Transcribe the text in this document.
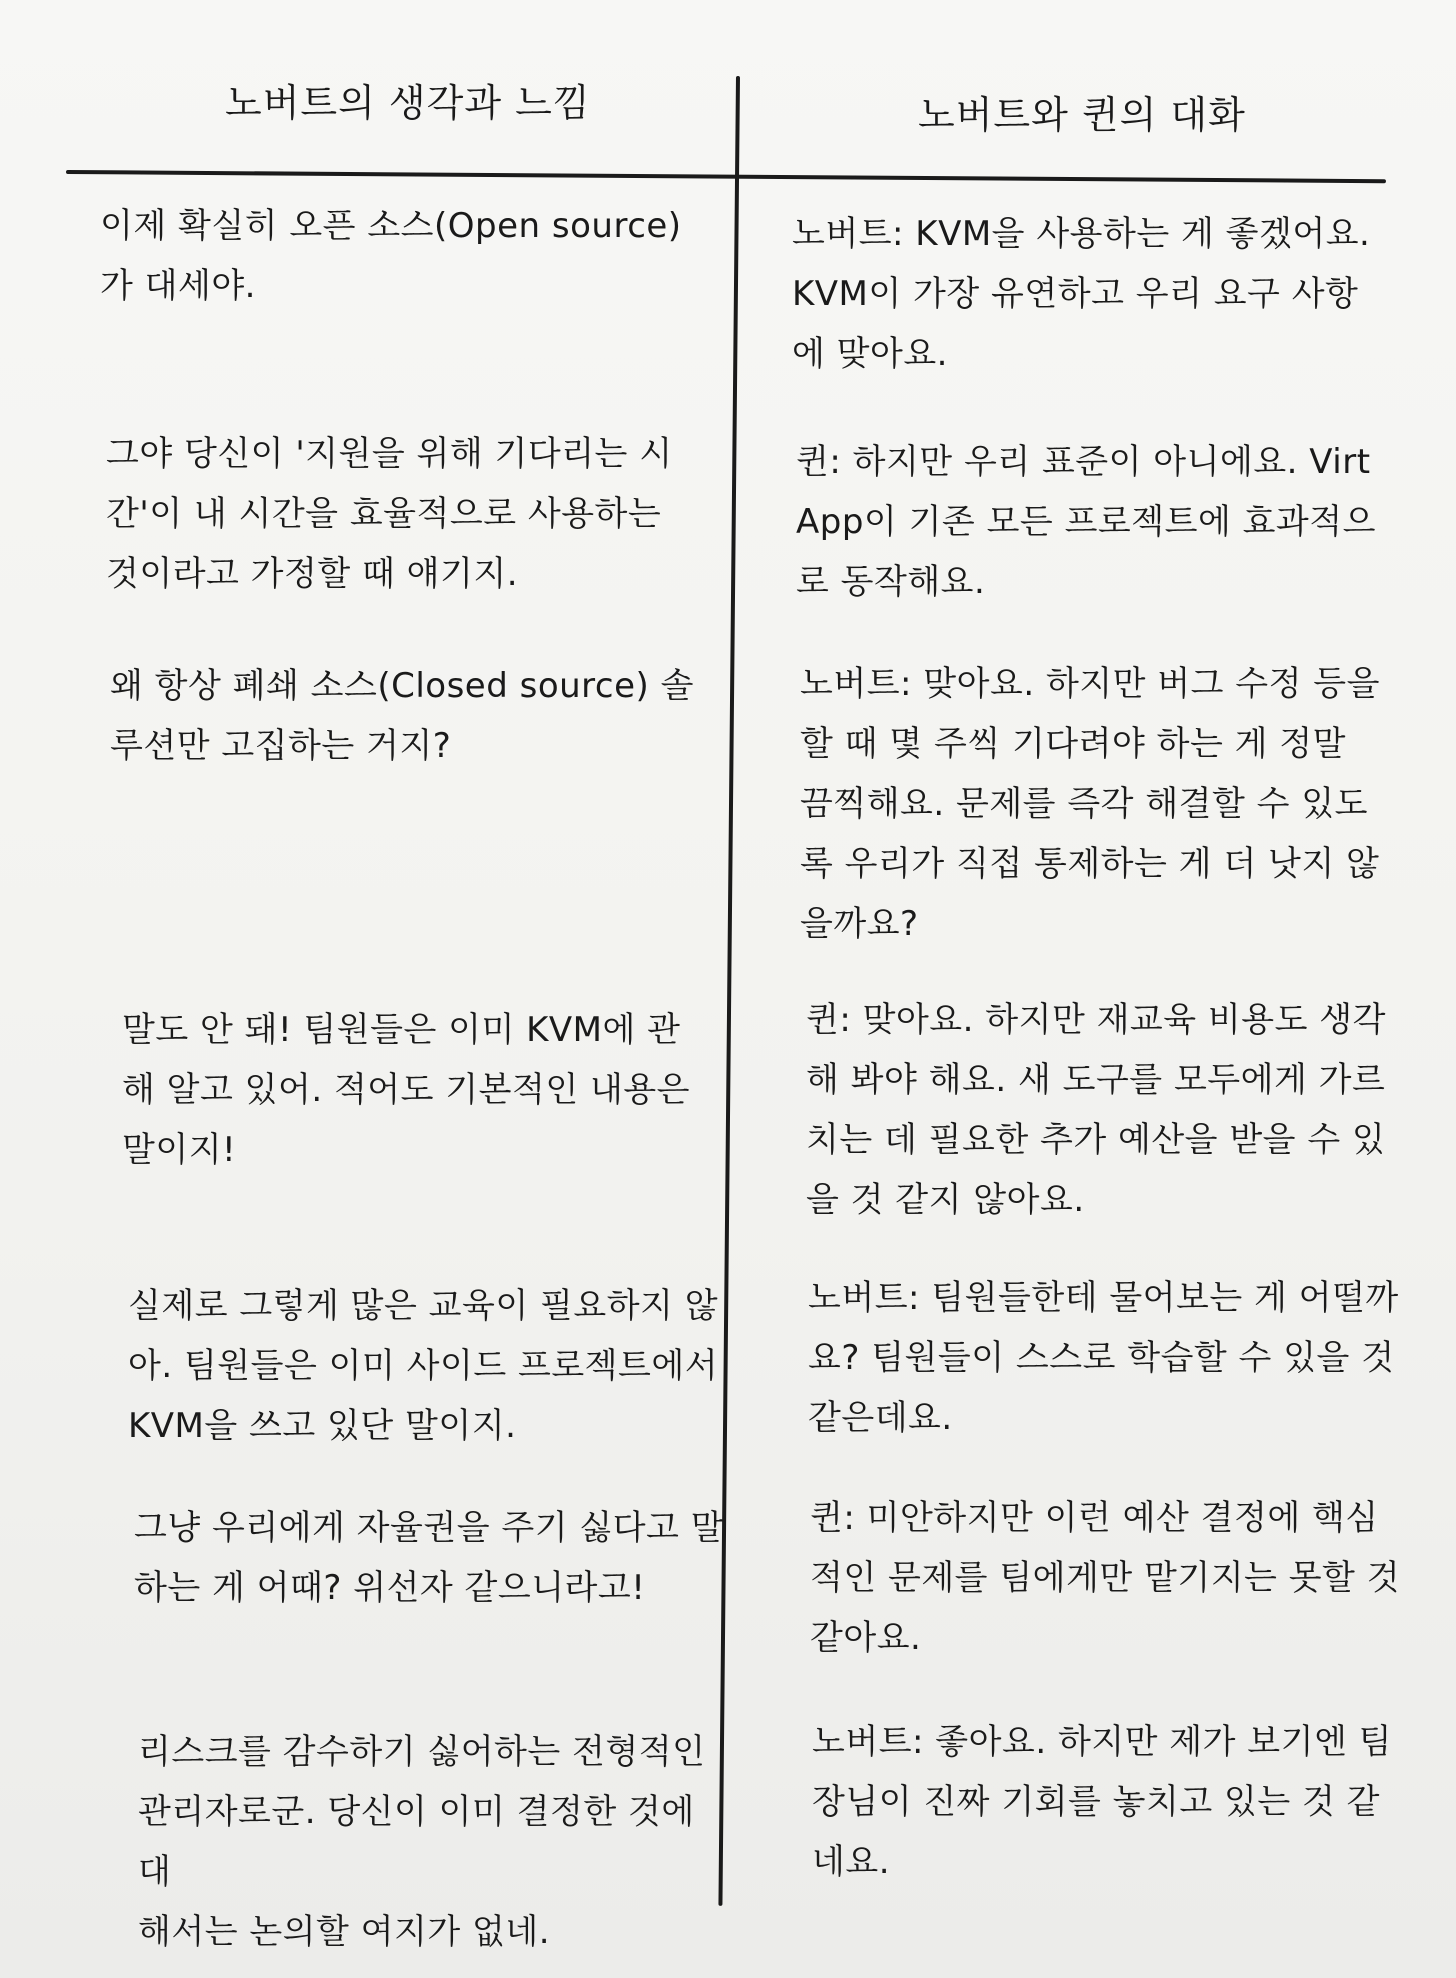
노버트의 생각과 느낌	노버트와 퀸의 대화
이제 확실히 오픈 소스(Open source)
가 대세야.
그야 당신이 '지원을 위해 기다리는 시
간'이 내 시간을 효율적으로 사용하는
것이라고 가정할 때 얘기지.
왜 항상 폐쇄 소스(Closed source) 솔
루션만 고집하는 거지?
말도 안 돼! 팀원들은 이미 KVM에 관
해 알고 있어. 적어도 기본적인 내용은
말이지!
실제로 그렇게 많은 교육이 필요하지 않
아. 팀원들은 이미 사이드 프로젝트에서
KVM을 쓰고 있단 말이지.
그냥 우리에게 자율권을 주기 싫다고 말
하는 게 어때? 위선자 같으니라고!
리스크를 감수하기 싫어하는 전형적인
관리자로군. 당신이 이미 결정한 것에 대
해서는 논의할 여지가 없네.
노버트: KVM을 사용하는 게 좋겠어요.
KVM이 가장 유연하고 우리 요구 사항
에 맞아요.
퀸: 하지만 우리 표준이 아니에요. Virt
App이 기존 모든 프로젝트에 효과적으
로 동작해요.
노버트: 맞아요. 하지만 버그 수정 등을
할 때 몇 주씩 기다려야 하는 게 정말
끔찍해요. 문제를 즉각 해결할 수 있도
록 우리가 직접 통제하는 게 더 낫지 않
을까요?
퀸: 맞아요. 하지만 재교육 비용도 생각
해 봐야 해요. 새 도구를 모두에게 가르
치는 데 필요한 추가 예산을 받을 수 있
을 것 같지 않아요.
노버트: 팀원들한테 물어보는 게 어떨까
요? 팀원들이 스스로 학습할 수 있을 것
같은데요.
퀸: 미안하지만 이런 예산 결정에 핵심
적인 문제를 팀에게만 맡기지는 못할 것
같아요.
노버트: 좋아요. 하지만 제가 보기엔 팀
장님이 진짜 기회를 놓치고 있는 것 같
네요.
